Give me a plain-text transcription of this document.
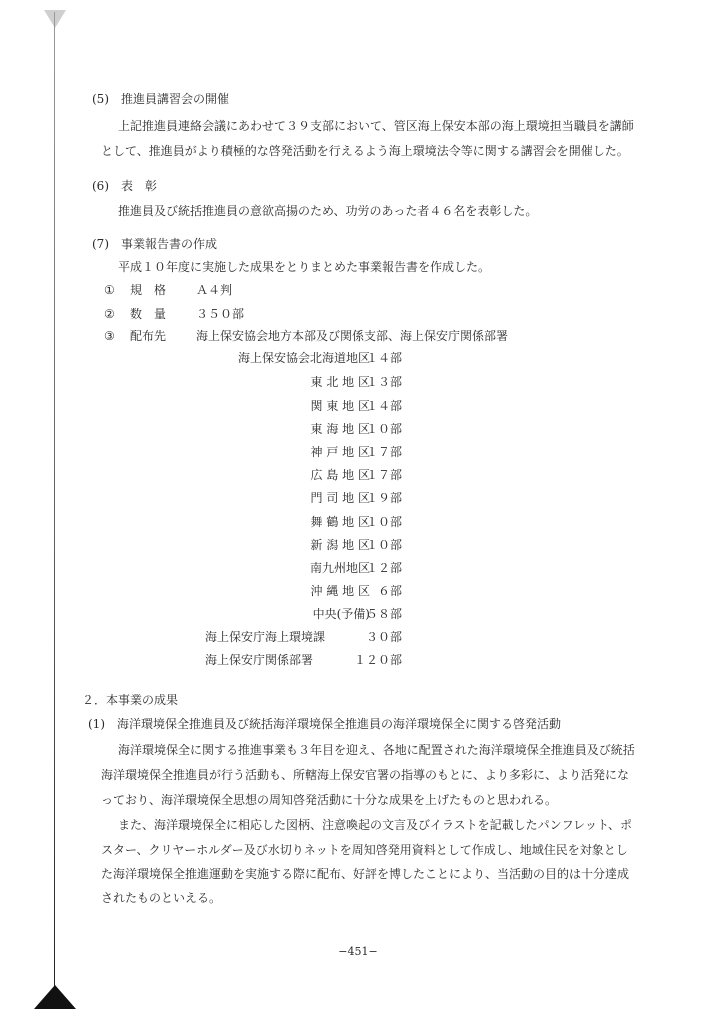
(5)　推進員講習会の開催
上記推進員連絡会議にあわせて３９支部において、管区海上保安本部の海上環境担当職員を講師
として、推進員がより積極的な啓発活動を行えるよう海上環境法令等に関する講習会を開催した。
(6)　表　彰
推進員及び統括推進員の意欲高揚のため、功労のあった者４６名を表彰した。
(7)　事業報告書の作成
平成１０年度に実施した成果をとりまとめた事業報告書を作成した。
① 規　格 Ａ４判
② 数　量 ３５０部
③ 配布先 海上保安協会地方本部及び関係支部、海上保安庁関係部署
海上保安協会北海道地区
１４部
東 北 地 区
１３部
関 東 地 区
１４部
東 海 地 区
１０部
神 戸 地 区
１７部
広 島 地 区
１７部
門 司 地 区
１９部
舞 鶴 地 区
１０部
新 潟 地 区
１０部
南九州地区
１２部
沖 縄 地 区 ６部
中央(予備)
５８部
海上保安庁海上環境課	３０部
海上保安庁関係部署	１２０部
２．本事業の成果
(1)　海洋環境保全推進員及び統括海洋環境保全推進員の海洋環境保全に関する啓発活動
海洋環境保全に関する推進事業も３年目を迎え、各地に配置された海洋環境保全推進員及び統括
海洋環境保全推進員が行う活動も、所轄海上保安官署の指導のもとに、より多彩に、より活発にな
っており、海洋環境保全思想の周知啓発活動に十分な成果を上げたものと思われる。
また、海洋環境保全に相応した図柄、注意喚起の文言及びイラストを記載したパンフレット、ポ
スター、クリヤーホルダー及び水切りネットを周知啓発用資料として作成し、地域住民を対象とし
た海洋環境保全推進運動を実施する際に配布、好評を博したことにより、当活動の目的は十分達成
されたものといえる。
−451−
